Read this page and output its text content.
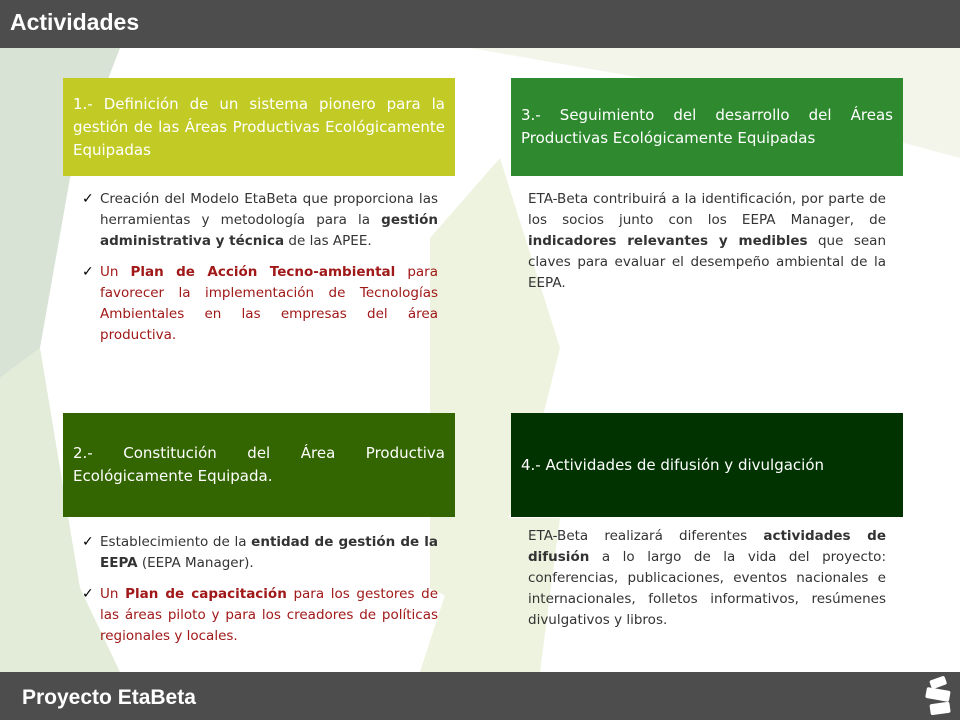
Actividades
1.- Definición de un sistema pionero para la gestión de las Áreas Productivas Ecológicamente Equipadas
✓ Creación del Modelo EtaBeta que proporciona las herramientas y metodología para la gestión administrativa y técnica de las APEE.
✓ Un Plan de Acción Tecno-ambiental para favorecer la implementación de Tecnologías Ambientales en las empresas del área productiva.
2.- Constitución del Área Productiva Ecológicamente Equipada.
✓ Establecimiento de la entidad de gestión de la EEPA (EEPA Manager).
✓ Un Plan de capacitación para los gestores de las áreas piloto y para los creadores de políticas regionales y locales.
3.- Seguimiento del desarrollo del Áreas Productivas Ecológicamente Equipadas

ETA-Beta contribuirá a la identificación, por parte de los socios junto con los EEPA Manager, de indicadores relevantes y medibles que sean claves para evaluar el desempeño ambiental de la EEPA.

4.- Actividades de difusión y divulgación

ETA-Beta realizará diferentes actividades de difusión a lo largo de la vida del proyecto: conferencias, publicaciones, eventos nacionales e internacionales, folletos informativos, resúmenes divulgativos y libros.

Proyecto EtaBeta
